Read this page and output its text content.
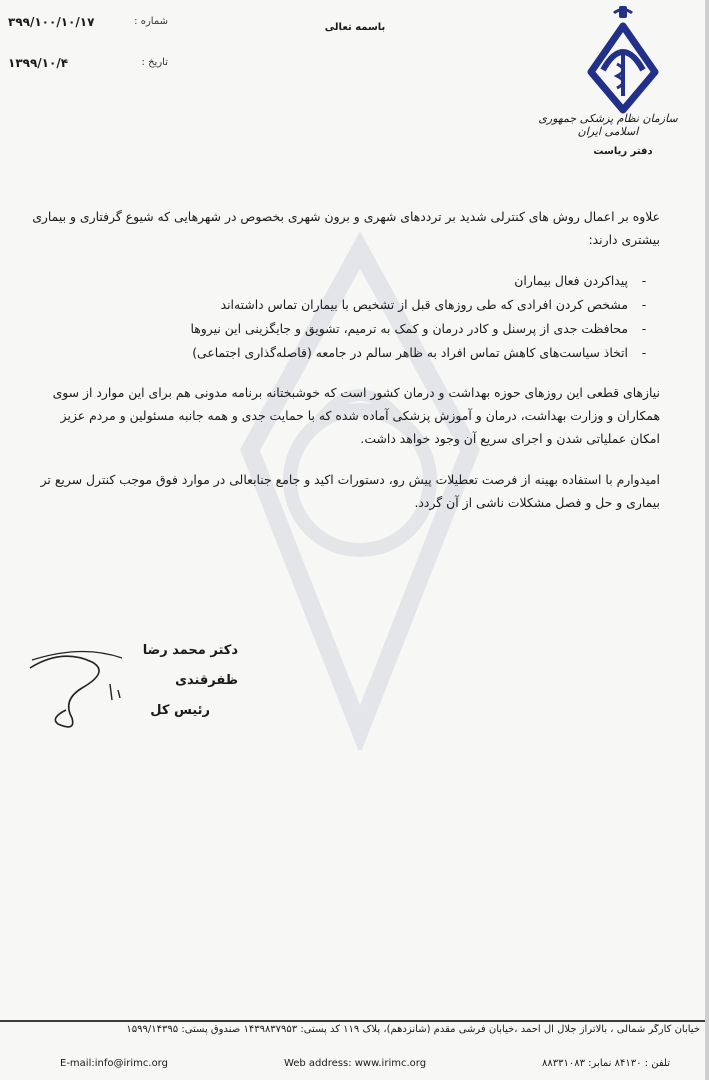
شماره :
۳۹۹/۱۰۰/۱۰/۱۷
تاریخ :
۱۳۹۹/۱۰/۴
باسمه تعالی
سازمان نظام پزشکی جمهوری اسلامی ایران
دفتر ریاست

علاوه بر اعمال روش های کنترلی شدید بر ترددهای شهری و برون شهری بخصوص در شهرهایی که شیوع گرفتاری و بیماری بیشتری دارند:

-
پیداکردن فعال بیماران
-
مشخص کردن افرادی که طی روزهای قبل از تشخیص با بیماران تماس داشته‌اند
-
محافظت جدی از پرسنل و کادر درمان و کمک به ترمیم، تشویق و جایگزینی این نیروها
-
اتخاذ سیاست‌های کاهش تماس افراد به ظاهر سالم در جامعه (فاصله‌گذاری اجتماعی)

نیازهای قطعی این روزهای حوزه بهداشت و درمان کشور است که خوشبختانه برنامه مدونی هم برای این موارد از سوی همکاران و وزارت بهداشت، درمان و آموزش پزشکی آماده شده که با حمایت جدی و همه جانبه مسئولین و مردم عزیز امکان عملیاتی شدن و اجرای سریع آن وجود خواهد داشت.

امیدوارم با استفاده بهینه از فرصت تعطیلات پیش رو، دستورات اکید و جامع جنابعالی در موارد فوق موجب کنترل سریع تر بیماری و حل و فصل مشکلات ناشی از آن گردد.

دکتر محمد رضا ظفرقندی
رئیس کل
خیابان کارگر شمالی ، بالاتراز جلال آل احمد ،خیابان فرشی مقدم (شانزدهم)، پلاک ۱۱۹ کد پستی: ۱۴۳۹۸۳۷۹۵۳ صندوق پستی: ۱۵۹۹/۱۴۳۹۵
E-mail:info@irimc.org	Web address: www.irimc.org	تلفن : ۸۴۱۳۰ نمابر: ۸۸۳۳۱۰۸۳
